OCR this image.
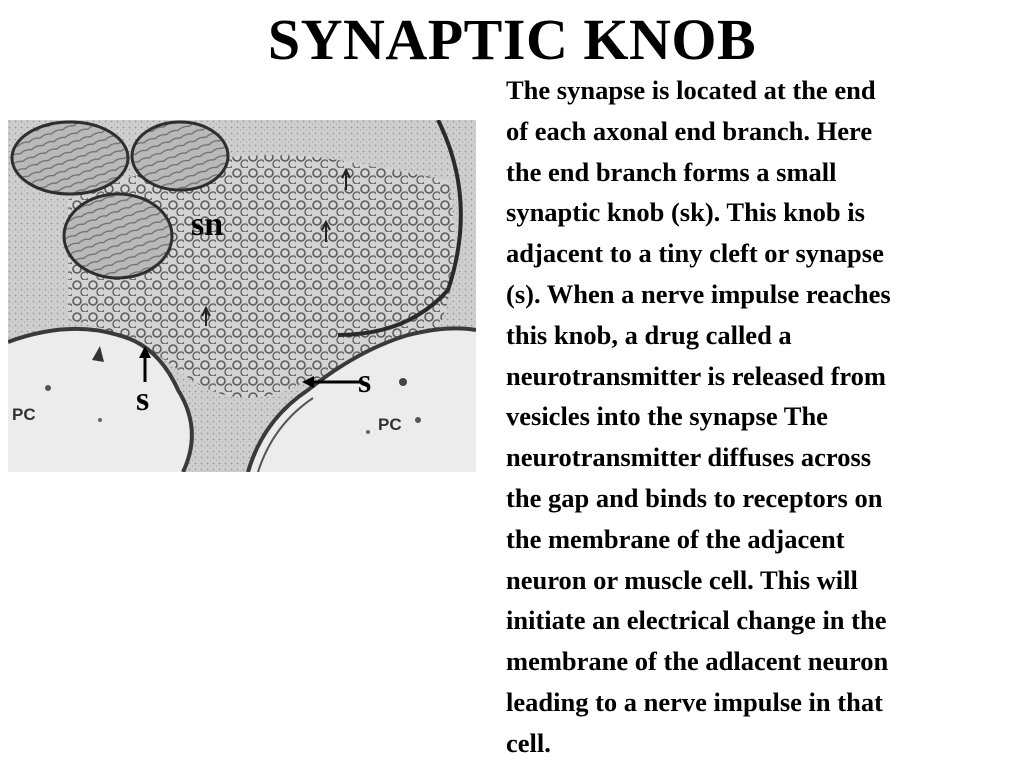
SYNAPTIC KNOB
sn
s	s
PC
PC
The synapse is located at the end
of each axonal end branch. Here
the end branch forms a small
synaptic knob (sk). This knob is
adjacent to a tiny cleft or synapse
(s). When a nerve impulse reaches
this knob, a drug called a
neurotransmitter is released from
vesicles into the synapse The
neurotransmitter diffuses across
the gap and binds to receptors on
the membrane of the adjacent
neuron or muscle cell. This will
initiate an electrical change in the
membrane of the adlacent neuron
leading to a nerve impulse in that
cell.
